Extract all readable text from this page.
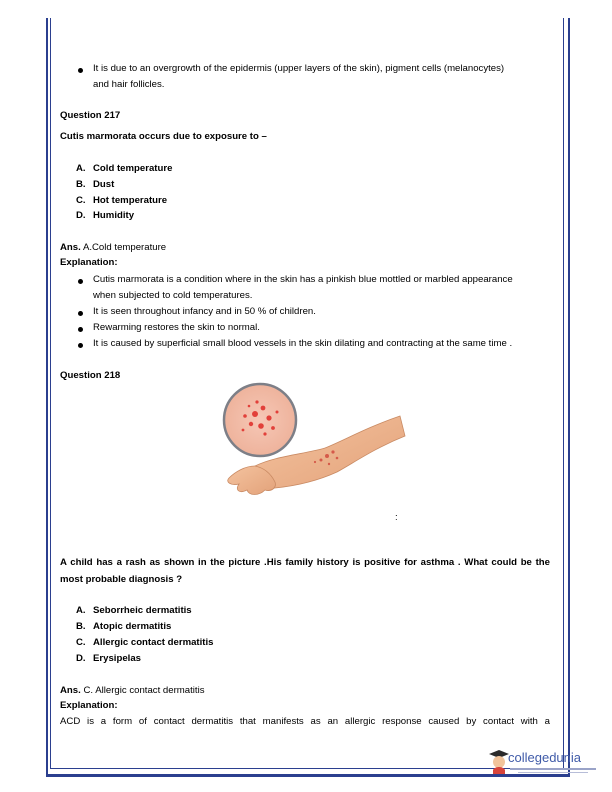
It is due to an overgrowth of the epidermis (upper layers of the skin), pigment cells (melanocytes)
and hair follicles.
Question 217
Cutis marmorata occurs due to exposure to –
A. Cold temperature
B. Dust
C. Hot temperature
D. Humidity
Ans. A.Cold temperature
Explanation:
Cutis marmorata is a condition where in the skin has a pinkish blue mottled or marbled appearance
when subjected to cold temperatures.
It is seen throughout infancy and in 50 % of children.
Rewarming restores the skin to normal.
It is caused by superficial small blood vessels in the skin dilating and contracting at the same time .
Question 218
:
A child has a rash as shown in the picture .His family history is positive for asthma . What could be the
most probable diagnosis ?
A. Seborrheic dermatitis
B. Atopic dermatitis
C. Allergic contact dermatitis
D. Erysipelas
Ans. C. Allergic contact dermatitis
Explanation:
ACD is a form of contact dermatitis that manifests as an allergic response caused by contact with a
collegedunia
